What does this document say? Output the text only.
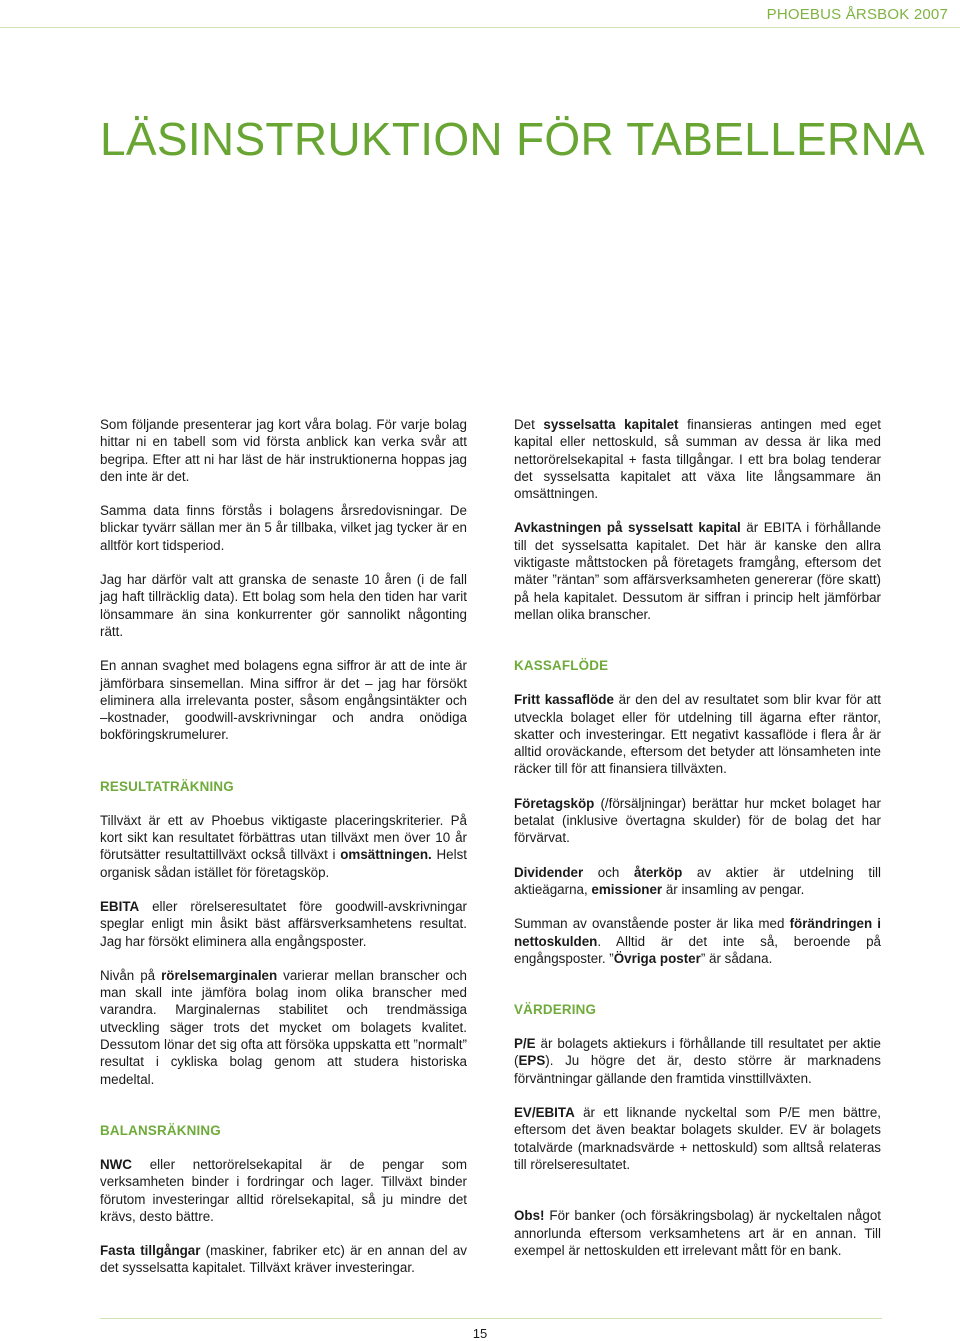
PHOEBUS ÅRSBOK 2007
LÄSINSTRUKTION FÖR TABELLERNA

Som följande presenterar jag kort våra bolag. För varje bolag hittar ni en tabell som vid första anblick kan verka svår att begripa. Efter att ni har läst de här instruktionerna hoppas jag den inte är det.

Samma data finns förstås i bolagens årsredovisningar. De blickar tyvärr sällan mer än 5 år tillbaka, vilket jag tycker är en alltför kort tidsperiod.

Jag har därför valt att granska de senaste 10 åren (i de fall jag haft tillräcklig data). Ett bolag som hela den tiden har varit lönsammare än sina konkurrenter gör sannolikt någonting rätt.

En annan svaghet med bolagens egna siffror är att de inte är jämförbara sinsemellan. Mina siffror är det – jag har försökt eliminera alla irrelevanta poster, såsom engångsintäkter och –kostnader, goodwill-avskrivningar och andra onödiga bokföringskrumelurer.

RESULTATRÄKNING

Tillväxt är ett av Phoebus viktigaste placeringskriterier. På kort sikt kan resultatet förbättras utan tillväxt men över 10 år förutsätter resultattillväxt också tillväxt i omsättningen. Helst organisk sådan istället för företagsköp.

EBITA eller rörelseresultatet före goodwill-avskrivningar speglar enligt min åsikt bäst affärsverksamhetens resultat. Jag har försökt eliminera alla engångsposter.

Nivån på rörelsemarginalen varierar mellan branscher och man skall inte jämföra bolag inom olika branscher med varandra. Marginalernas stabilitet och trendmässiga utveckling säger trots det mycket om bolagets kvalitet. Dessutom lönar det sig ofta att försöka uppskatta ett ”normalt” resultat i cykliska bolag genom att studera historiska medeltal.

BALANSRÄKNING

NWC eller nettorörelsekapital är de pengar som verksamheten binder i fordringar och lager. Tillväxt binder förutom investeringar alltid rörelsekapital, så ju mindre det krävs, desto bättre.

Fasta tillgångar (maskiner, fabriker etc) är en annan del av det sysselsatta kapitalet. Tillväxt kräver investeringar.

Det sysselsatta kapitalet finansieras antingen med eget kapital eller nettoskuld, så summan av dessa är lika med nettorörelsekapital + fasta tillgångar. I ett bra bolag tenderar det sysselsatta kapitalet att växa lite långsammare än omsättningen.

Avkastningen på sysselsatt kapital är EBITA i förhållande till det sysselsatta kapitalet. Det här är kanske den allra viktigaste måttstocken på företagets framgång, eftersom det mäter ”räntan” som affärsverksamheten genererar (före skatt) på hela kapitalet. Dessutom är siffran i princip helt jämförbar mellan olika branscher.

KASSAFLÖDE

Fritt kassaflöde är den del av resultatet som blir kvar för att utveckla bolaget eller för utdelning till ägarna efter räntor, skatter och investeringar. Ett negativt kassaflöde i flera år är alltid oroväckande, eftersom det betyder att lönsamheten inte räcker till för att finansiera tillväxten.

Företagsköp (/försäljningar) berättar hur mcket bolaget har betalat (inklusive övertagna skulder) för de bolag det har förvärvat.

Dividender och återköp av aktier är utdelning till aktieägarna, emissioner är insamling av pengar.

Summan av ovanstående poster är lika med förändringen i nettoskulden. Alltid är det inte så, beroende på engångsposter. ”Övriga poster” är sådana.

VÄRDERING

P/E är bolagets aktiekurs i förhållande till resultatet per aktie (EPS). Ju högre det är, desto större är marknadens förväntningar gällande den framtida vinsttillväxten.

EV/EBITA är ett liknande nyckeltal som P/E men bättre, eftersom det även beaktar bolagets skulder. EV är bolagets totalvärde (marknadsvärde + nettoskuld) som alltså relateras till rörelseresultatet.

Obs! För banker (och försäkringsbolag) är nyckeltalen något annorlunda eftersom verksamhetens art är en annan. Till exempel är nettoskulden ett irrelevant mått för en bank.

15
